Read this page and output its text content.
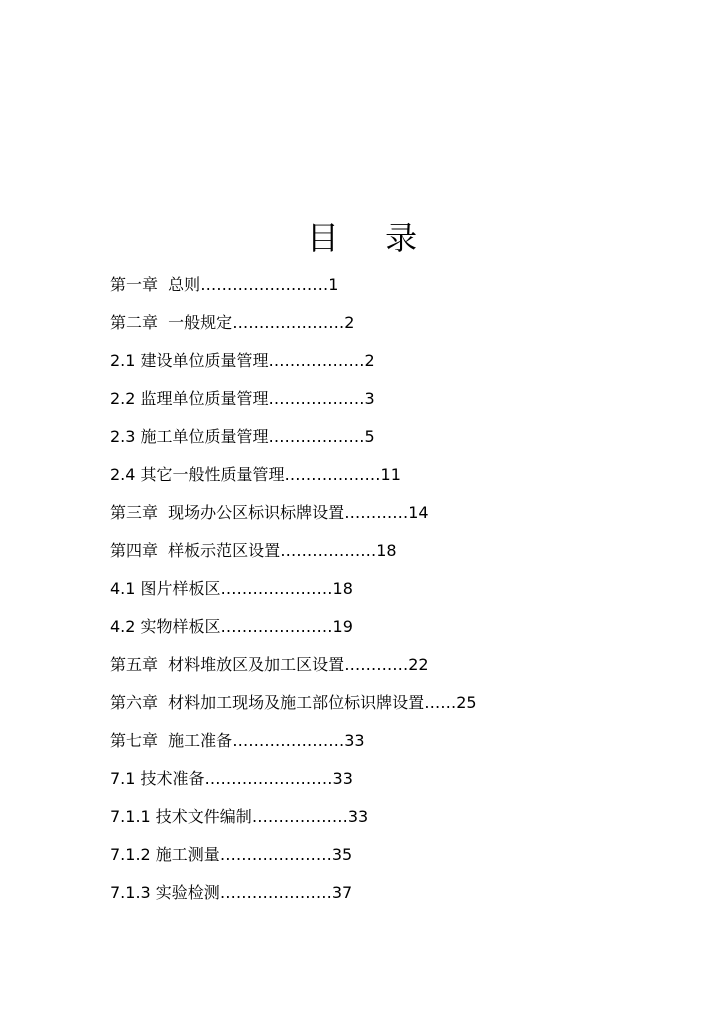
目 录
第一章  总则……………………1
第二章  一般规定…………………2
2.1 建设单位质量管理………………2
2.2 监理单位质量管理………………3
2.3 施工单位质量管理………………5
2.4 其它一般性质量管理………………11
第三章  现场办公区标识标牌设置…………14
第四章  样板示范区设置………………18
4.1 图片样板区…………………18
4.2 实物样板区…………………19
第五章  材料堆放区及加工区设置…………22
第六章  材料加工现场及施工部位标识牌设置……25
第七章  施工准备…………………33
7.1 技术准备……………………33
7.1.1 技术文件编制………………33
7.1.2 施工测量…………………35
7.1.3 实验检测…………………37
